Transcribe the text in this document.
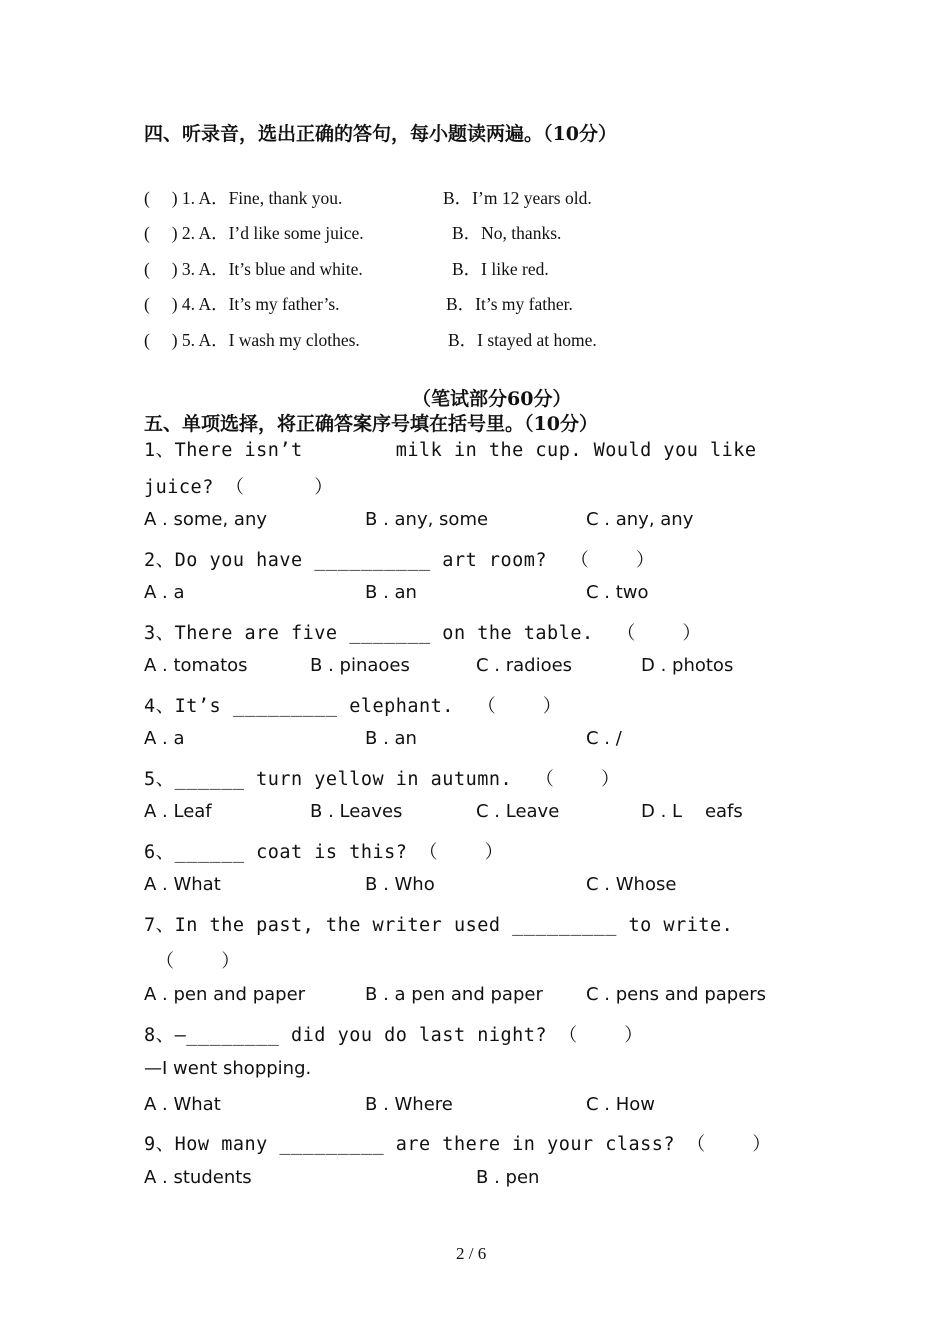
四、听录音，选出正确的答句，每小题读两遍。（10分）
(     ) 1. A．Fine, thank you.	B．I’m 12 years old.
(     ) 2. A．I’d like some juice.	B．No, thanks.
(     ) 3. A．It’s blue and white.	B．I like red.
(     ) 4. A．It’s my father’s.	B．It’s my father.
(     ) 5. A．I wash my clothes.	B．I stayed at home.
（笔试部分60分）
五、单项选择，将正确答案序号填在括号里。（10分）
1、There isn’t        milk in the cup. Would you like
juice? （      ）
A . some, any	B . any, some	C . any, any
2、Do you have __________ art room?  （    ）
A . a	B . an	C . two
3、There are five _______ on the table.  （    ）
A . tomatos	B . pinaoes	C . radioes	D . photos
4、It’s _________ elephant.  （    ）
A . a	B . an	C . /
5、______ turn yellow in autumn.  （    ）
A . Leaf	B . Leaves	C . Leave	D . L    eafs
6、______ coat is this? （    ）
A . What	B . Who	C . Whose
7、In the past, the writer used _________ to write.
（    ）
A . pen and paper	B . a pen and paper C . pens and papers
8、—________ did you do last night? （    ）
—I went shopping.
A . What	B . Where	C . How
9、How many _________ are there in your class? （    ）
A . students	B . pen
2 / 6
